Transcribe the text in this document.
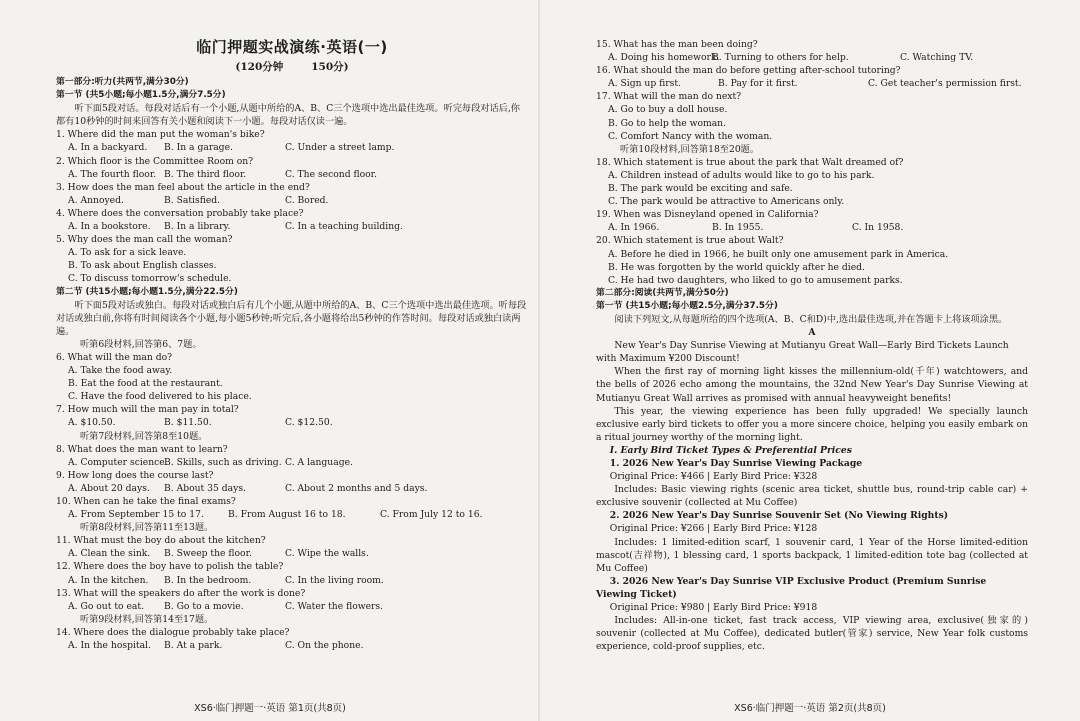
临门押题实战演练·英语(一)
(120分钟	150分)
第一部分:听力(共两节,满分30分)
第一节 (共5小题;每小题1.5分,满分7.5分)
听下面5段对话。每段对话后有一个小题,从题中所给的A、B、C三个选项中选出最佳选项。听完每段对话后,你都有10秒钟的时间来回答有关小题和阅读下一小题。每段对话仅读一遍。
1. Where did the man put the woman's bike?
A. In a backyard.	B. In a garage.	C. Under a street lamp.
2. Which floor is the Committee Room on?
A. The fourth floor. B. The third floor.	C. The second floor.
3. How does the man feel about the article in the end?
A. Annoyed.	B. Satisfied.	C. Bored.
4. Where does the conversation probably take place?
A. In a bookstore.	B. In a library.	C. In a teaching building.
5. Why does the man call the woman?
A. To ask for a sick leave.
B. To ask about English classes.
C. To discuss tomorrow's schedule.
第二节 (共15小题;每小题1.5分,满分22.5分)
听下面5段对话或独白。每段对话或独白后有几个小题,从题中所给的A、B、C三个选项中选出最佳选项。听每段对话或独白前,你将有时间阅读各个小题,每小题5秒钟;听完后,各小题将给出5秒钟的作答时间。每段对话或独白读两遍。
听第6段材料,回答第6、7题。
6. What will the man do?
A. Take the food away.
B. Eat the food at the restaurant.
C. Have the food delivered to his place.
7. How much will the man pay in total?
A. $10.50.	B. $11.50.	C. $12.50.
听第7段材料,回答第8至10题。
8. What does the man want to learn?
A. Computer science.
B. Skills, such as driving. C. A language.
9. How long does the course last?
A. About 20 days.	B. About 35 days.	C. About 2 months and 5 days.
10. When can he take the final exams?
A. From September 15 to 17.	B. From August 16 to 18.	C. From July 12 to 16.
听第8段材料,回答第11至13题。
11. What must the boy do about the kitchen?
A. Clean the sink.	B. Sweep the floor.	C. Wipe the walls.
12. Where does the boy have to polish the table?
A. In the kitchen.	B. In the bedroom.	C. In the living room.
13. What will the speakers do after the work is done?
A. Go out to eat.	B. Go to a movie.	C. Water the flowers.
听第9段材料,回答第14至17题。
14. Where does the dialogue probably take place?
A. In the hospital.	B. At a park.	C. On the phone.
XS6·临门押题一·英语 第1页(共8页)
15. What has the man been doing?
A. Doing his homework.
B. Turning to others for help.	C. Watching TV.
16. What should the man do before getting after-school tutoring?
A. Sign up first.	B. Pay for it first.	C. Get teacher's permission first.
17. What will the man do next?
A. Go to buy a doll house.
B. Go to help the woman.
C. Comfort Nancy with the woman.
听第10段材料,回答第18至20题。
18. Which statement is true about the park that Walt dreamed of?
A. Children instead of adults would like to go to his park.
B. The park would be exciting and safe.
C. The park would be attractive to Americans only.
19. When was Disneyland opened in California?
A. In 1966.	B. In 1955.	C. In 1958.
20. Which statement is true about Walt?
A. Before he died in 1966, he built only one amusement park in America.
B. He was forgotten by the world quickly after he died.
C. He had two daughters, who liked to go to amusement parks.
第二部分:阅读(共两节,满分50分)
第一节 (共15小题;每小题2.5分,满分37.5分)
阅读下列短文,从每题所给的四个选项(A、B、C和D)中,选出最佳选项,并在答题卡上将该项涂黑。
A
New Year's Day Sunrise Viewing at Mutianyu Great Wall—Early Bird Tickets Launch with Maximum ¥200 Discount!
When the first ray of morning light kisses the millennium-old(千年) watchtowers, and the bells of 2026 echo among the mountains, the 32nd New Year's Day Sunrise Viewing at Mutianyu Great Wall arrives as promised with annual heavyweight benefits!
This year, the viewing experience has been fully upgraded! We specially launch exclusive early bird tickets to offer you a more sincere choice, helping you easily embark on a ritual journey worthy of the morning light.
Ⅰ. Early Bird Ticket Types & Preferential Prices
1. 2026 New Year's Day Sunrise Viewing Package
Original Price: ¥466 | Early Bird Price: ¥328
Includes: Basic viewing rights (scenic area ticket, shuttle bus, round-trip cable car) + exclusive souvenir (collected at Mu Coffee)
2. 2026 New Year's Day Sunrise Souvenir Set (No Viewing Rights)
Original Price: ¥266 | Early Bird Price: ¥128
Includes: 1 limited-edition scarf, 1 souvenir card, 1 Year of the Horse limited-edition mascot(吉祥物), 1 blessing card, 1 sports backpack, 1 limited-edition tote bag (collected at Mu Coffee)
3. 2026 New Year's Day Sunrise VIP Exclusive Product (Premium Sunrise Viewing Ticket)
Original Price: ¥980 | Early Bird Price: ¥918
Includes: All-in-one ticket, fast track access, VIP viewing area, exclusive(独家的) souvenir (collected at Mu Coffee), dedicated butler(管家) service, New Year folk customs experience, cold-proof supplies, etc.
XS6·临门押题一·英语 第2页(共8页)
